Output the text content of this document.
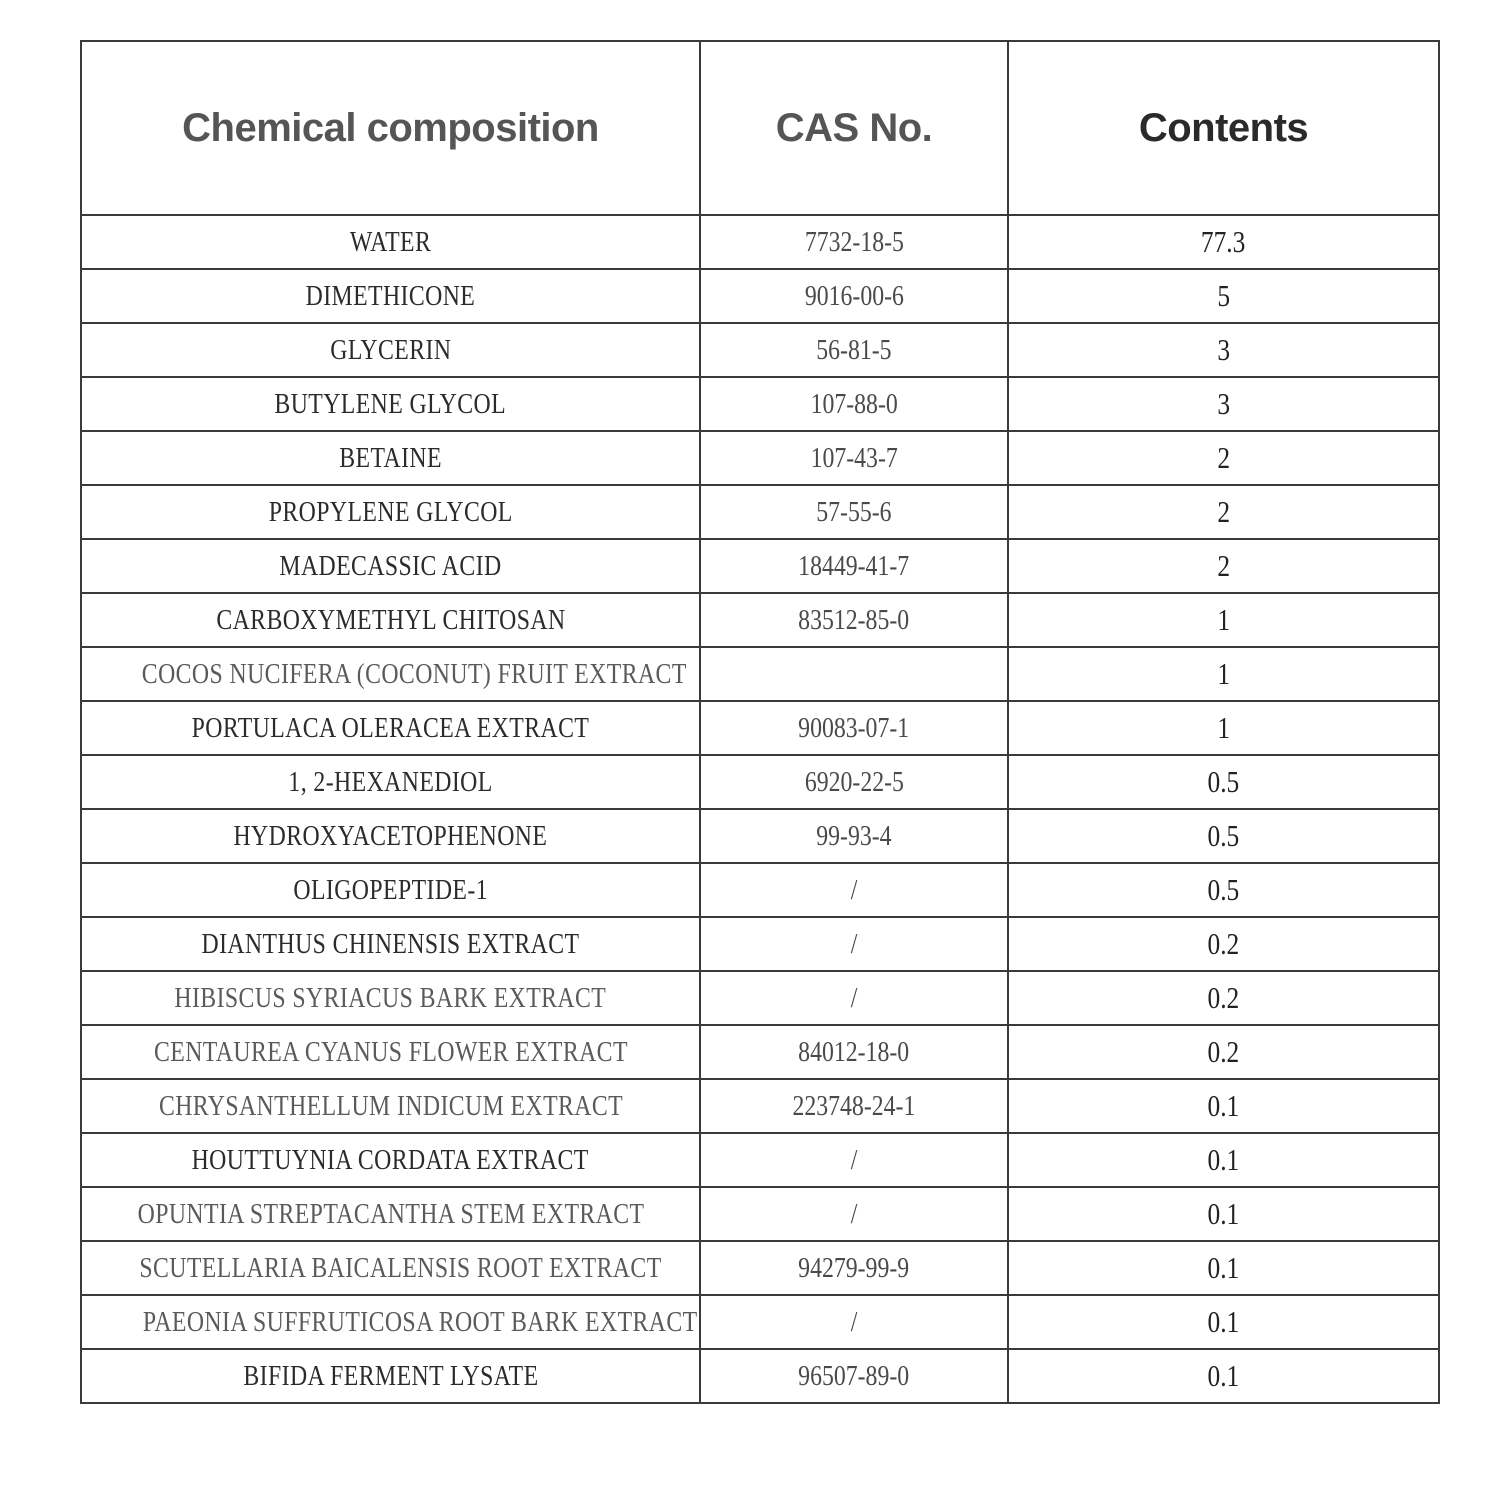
Chemical composition	CAS No.	Contents
WATER	7732-18-5	77.3
DIMETHICONE	9016-00-6	5
GLYCERIN	56-81-5	3
BUTYLENE GLYCOL	107-88-0	3
BETAINE	107-43-7	2
PROPYLENE GLYCOL	57-55-6	2
MADECASSIC ACID	18449-41-7	2
CARBOXYMETHYL CHITOSAN	83512-85-0	1
COCOS NUCIFERA (COCONUT) FRUIT EXTRACT		1
PORTULACA OLERACEA EXTRACT	90083-07-1	1
1, 2-HEXANEDIOL	6920-22-5	0.5
HYDROXYACETOPHENONE	99-93-4	0.5
OLIGOPEPTIDE-1	/	0.5
DIANTHUS CHINENSIS EXTRACT	/	0.2
HIBISCUS SYRIACUS BARK EXTRACT	/	0.2
CENTAUREA CYANUS FLOWER EXTRACT	84012-18-0	0.2
CHRYSANTHELLUM INDICUM EXTRACT	223748-24-1	0.1
HOUTTUYNIA CORDATA EXTRACT	/	0.1
OPUNTIA STREPTACANTHA STEM EXTRACT	/	0.1
SCUTELLARIA BAICALENSIS ROOT EXTRACT	94279-99-9	0.1
PAEONIA SUFFRUTICOSA ROOT BARK EXTRACT	/	0.1
BIFIDA FERMENT LYSATE	96507-89-0	0.1
